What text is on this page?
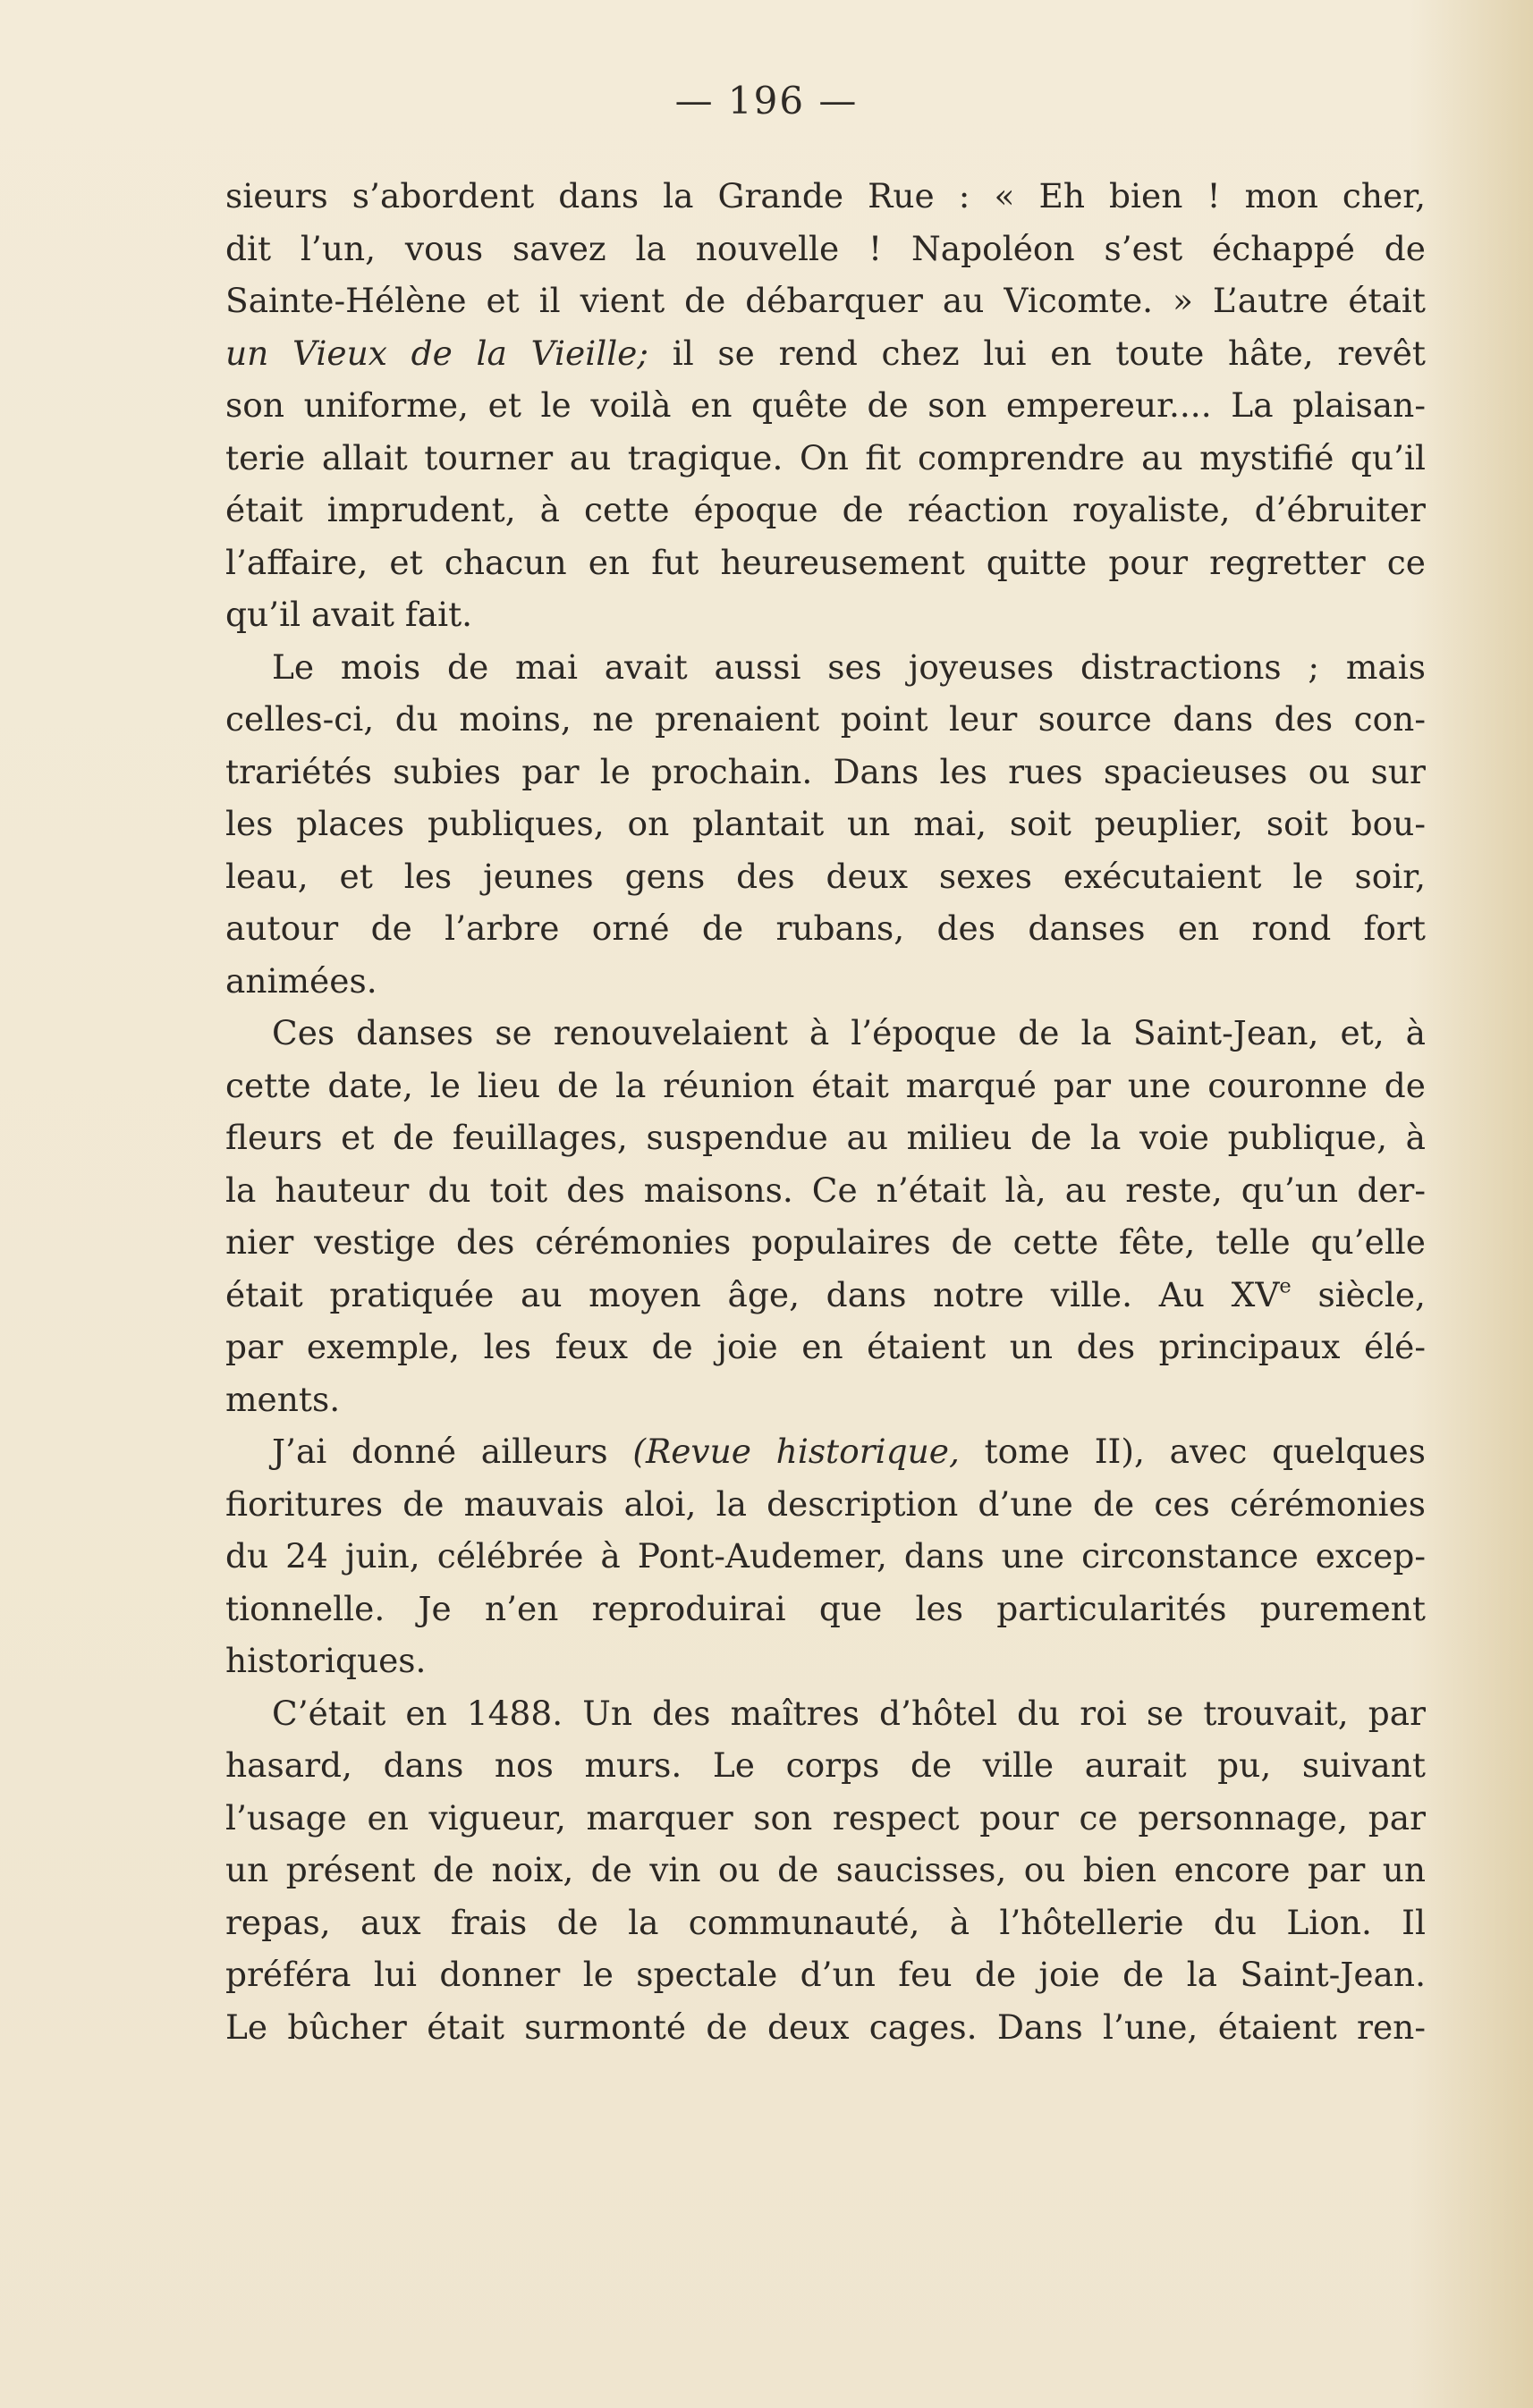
— 196 —
sieurs s’abordent dans la Grande Rue : « Eh bien ! mon cher,
dit l’un, vous savez la nouvelle ! Napoléon s’est échappé de
Sainte-Hélène et il vient de débarquer au Vicomte. » L’autre était
un Vieux de la Vieille; il se rend chez lui en toute hâte, revêt
son uniforme, et le voilà en quête de son empereur.... La plaisan-
terie allait tourner au tragique. On fit comprendre au mystifié qu’il
était imprudent, à cette époque de réaction royaliste, d’ébruiter
l’affaire, et chacun en fut heureusement quitte pour regretter ce
qu’il avait fait.
Le mois de mai avait aussi ses joyeuses distractions ; mais
celles-ci, du moins, ne prenaient point leur source dans des con-
trariétés subies par le prochain. Dans les rues spacieuses ou sur
les places publiques, on plantait un mai, soit peuplier, soit bou-
leau, et les jeunes gens des deux sexes exécutaient le soir,
autour de l’arbre orné de rubans, des danses en rond fort
animées.
Ces danses se renouvelaient à l’époque de la Saint-Jean, et, à
cette date, le lieu de la réunion était marqué par une couronne de
fleurs et de feuillages, suspendue au milieu de la voie publique, à
la hauteur du toit des maisons. Ce n’était là, au reste, qu’un der-
nier vestige des cérémonies populaires de cette fête, telle qu’elle
était pratiquée au moyen âge, dans notre ville. Au XVe siècle,
par exemple, les feux de joie en étaient un des principaux élé-
ments.
J’ai donné ailleurs (Revue historique, tome II), avec quelques
fioritures de mauvais aloi, la description d’une de ces cérémonies
du 24 juin, célébrée à Pont-Audemer, dans une circonstance excep-
tionnelle. Je n’en reproduirai que les particularités purement
historiques.
C’était en 1488. Un des maîtres d’hôtel du roi se trouvait, par
hasard, dans nos murs. Le corps de ville aurait pu, suivant
l’usage en vigueur, marquer son respect pour ce personnage, par
un présent de noix, de vin ou de saucisses, ou bien encore par un
repas, aux frais de la communauté, à l’hôtellerie du Lion. Il
préféra lui donner le spectale d’un feu de joie de la Saint-Jean.
Le bûcher était surmonté de deux cages. Dans l’une, étaient ren-
